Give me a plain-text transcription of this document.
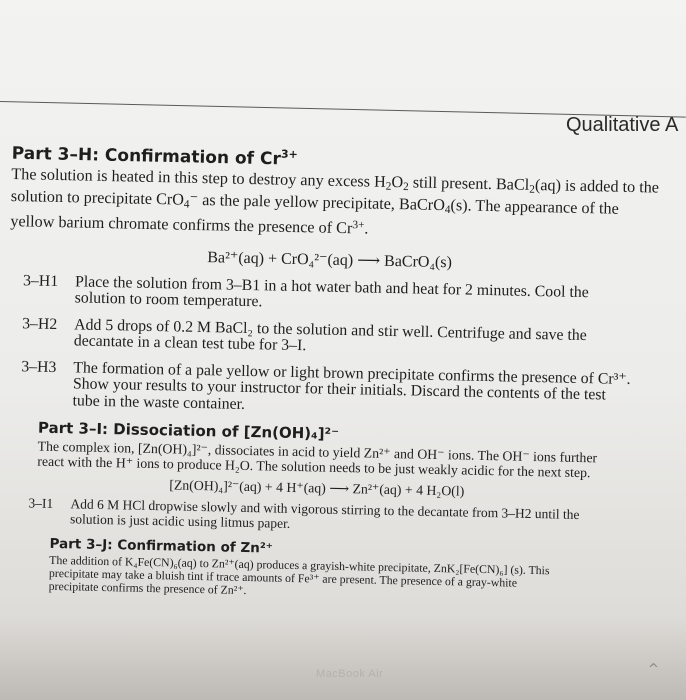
Qualitative A
Part 3–H: Confirmation of $Cr^{3+}$

The solution is heated in this step to destroy any excess $H_2O_2$ still present. BaCl$_2$(aq) is added to the solution to precipitate CrO$_4$⁻ as the pale yellow precipitate, BaCrO$_4$(s). The appearance of the yellow barium chromate confirms the presence of $Cr^{3+}$.

Ba²⁺(aq) + CrO₄²⁻(aq) ⟶ BaCrO₄(s)
3–H1	Place the solution from 3–B1 in a hot water bath and heat for 2 minutes. Cool the solution to room temperature.
3–H2	Add 5 drops of 0.2 M BaCl₂ to the solution and stir well. Centrifuge and save the decantate in a clean test tube for 3–I.
3–H3	The formation of a pale yellow or light brown precipitate confirms the presence of Cr³⁺. Show your results to your instructor for their initials. Discard the contents of the test tube in the waste container.
Part 3–I: Dissociation of [Zn(OH)₄]²⁻

The complex ion, [Zn(OH)₄]²⁻, dissociates in acid to yield Zn²⁺ and OH⁻ ions. The OH⁻ ions further react with the H⁺ ions to produce H₂O. The solution needs to be just weakly acidic for the next step.

[Zn(OH)₄]²⁻(aq) + 4 H⁺(aq) ⟶ Zn²⁺(aq) + 4 H₂O(l)
3–I1	Add 6 M HCl dropwise slowly and with vigorous stirring to the decantate from 3–H2 until the solution is just acidic using litmus paper.
Part 3–J: Confirmation of Zn²⁺

The addition of K₄Fe(CN)₆(aq) to Zn²⁺(aq) produces a grayish-white precipitate, ZnK₂[Fe(CN)₆] (s). This precipitate may take a bluish tint if trace amounts of Fe³⁺ are present. The presence of a gray-white precipitate confirms the presence of Zn²⁺.

MacBook Air	^
